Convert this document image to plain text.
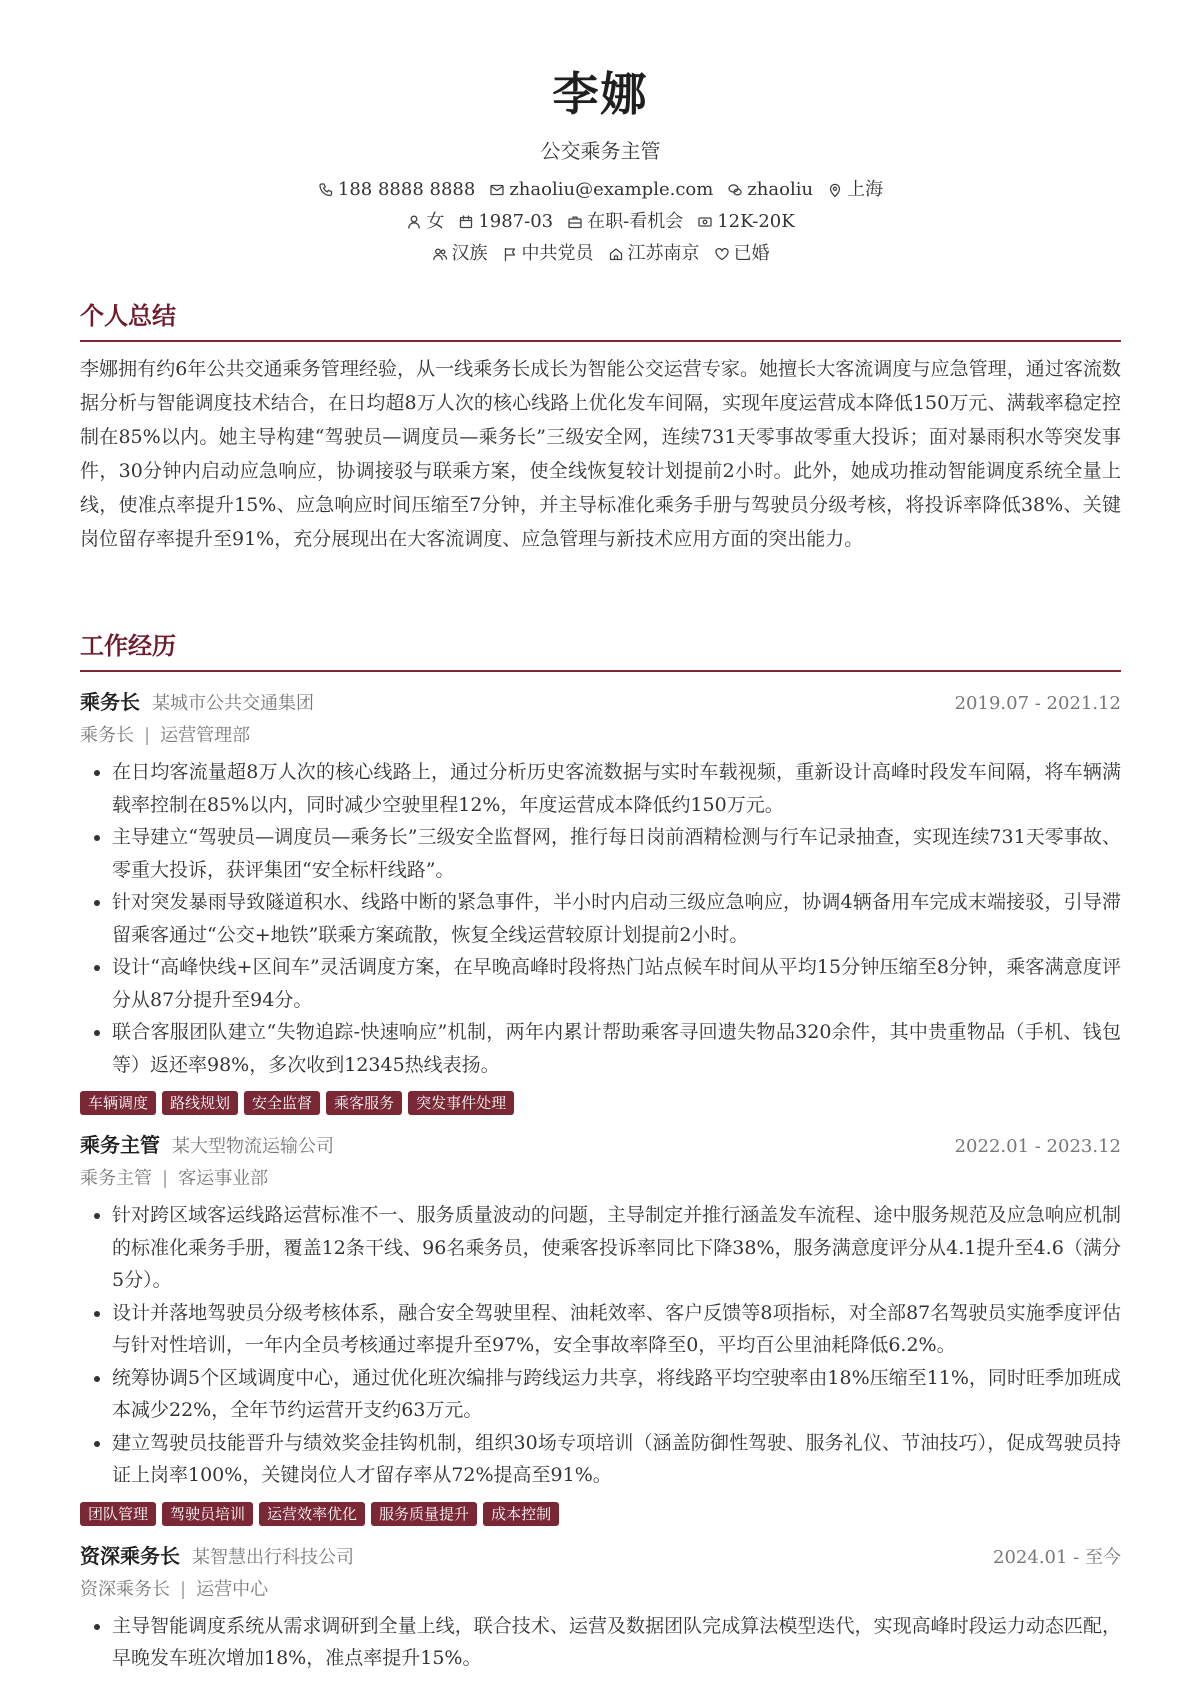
李娜
公交乘务主管
188 8888 8888 zhaoliu@example.com zhaoliu 上海
女 1987-03 在职-看机会 12K-20K
汉族 中共党员 江苏南京 已婚
个人总结
李娜拥有约6年公共交通乘务管理经验，从一线乘务长成长为智能公交运营专家。她擅长大客流调度与应急管理，通过客流数据分析与智能调度技术结合，在日均超8万人次的核心线路上优化发车间隔，实现年度运营成本降低150万元、满载率稳定控制在85%以内。她主导构建“驾驶员—调度员—乘务长”三级安全网，连续731天零事故零重大投诉；面对暴雨积水等突发事件，30分钟内启动应急响应，协调接驳与联乘方案，使全线恢复较计划提前2小时。此外，她成功推动智能调度系统全量上线，使准点率提升15%、应急响应时间压缩至7分钟，并主导标准化乘务手册与驾驶员分级考核，将投诉率降低38%、关键岗位留存率提升至91%，充分展现出在大客流调度、应急管理与新技术应用方面的突出能力。
工作经历
乘务长 某城市公共交通集团	2019.07 - 2021.12
乘务长 | 运营管理部
• 在日均客流量超8万人次的核心线路上，通过分析历史客流数据与实时车载视频，重新设计高峰时段发车间隔，将车辆满载率控制在85%以内，同时减少空驶里程12%，年度运营成本降低约150万元。
• 主导建立“驾驶员—调度员—乘务长”三级安全监督网，推行每日岗前酒精检测与行车记录抽查，实现连续731天零事故、零重大投诉，获评集团“安全标杆线路”。
• 针对突发暴雨导致隧道积水、线路中断的紧急事件，半小时内启动三级应急响应，协调4辆备用车完成末端接驳，引导滞留乘客通过“公交+地铁”联乘方案疏散，恢复全线运营较原计划提前2小时。
• 设计“高峰快线+区间车”灵活调度方案，在早晚高峰时段将热门站点候车时间从平均15分钟压缩至8分钟，乘客满意度评分从87分提升至94分。
• 联合客服团队建立“失物追踪-快速响应”机制，两年内累计帮助乘客寻回遗失物品320余件，其中贵重物品（手机、钱包等）返还率98%，多次收到12345热线表扬。
车辆调度	路线规划	安全监督	乘客服务	突发事件处理
乘务主管 某大型物流运输公司	2022.01 - 2023.12
乘务主管 | 客运事业部
• 针对跨区域客运线路运营标准不一、服务质量波动的问题，主导制定并推行涵盖发车流程、途中服务规范及应急响应机制的标准化乘务手册，覆盖12条干线、96名乘务员，使乘客投诉率同比下降38%，服务满意度评分从4.1提升至4.6（满分5分）。
• 设计并落地驾驶员分级考核体系，融合安全驾驶里程、油耗效率、客户反馈等8项指标，对全部87名驾驶员实施季度评估与针对性培训，一年内全员考核通过率提升至97%，安全事故率降至0，平均百公里油耗降低6.2%。
• 统筹协调5个区域调度中心，通过优化班次编排与跨线运力共享，将线路平均空驶率由18%压缩至11%，同时旺季加班成本减少22%，全年节约运营开支约63万元。
• 建立驾驶员技能晋升与绩效奖金挂钩机制，组织30场专项培训（涵盖防御性驾驶、服务礼仪、节油技巧），促成驾驶员持证上岗率100%，关键岗位人才留存率从72%提高至91%。
团队管理	驾驶员培训	运营效率优化	服务质量提升	成本控制
资深乘务长 某智慧出行科技公司	2024.01 - 至今
资深乘务长 | 运营中心
• 主导智能调度系统从需求调研到全量上线，联合技术、运营及数据团队完成算法模型迭代，实现高峰时段运力动态匹配，早晚发车班次增加18%，准点率提升15%。
